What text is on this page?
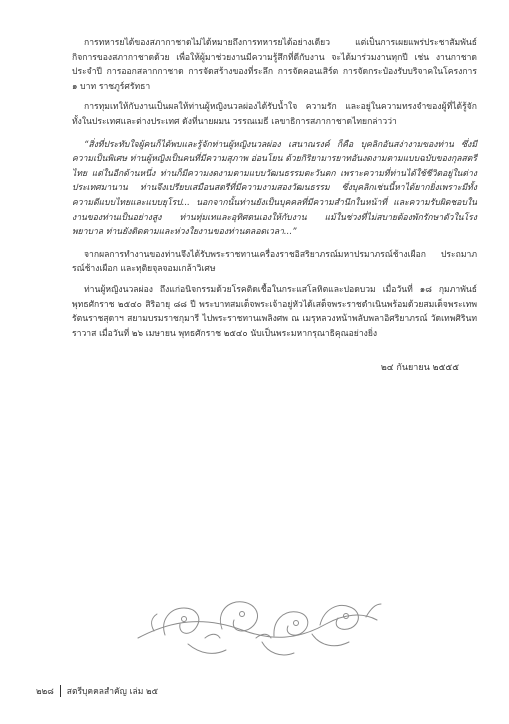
การทหารยได้ของสภากาชาดไม่ได้หมายถึงการทหารยได้อย่างเดียว แต่เป็นการเผยแพร่ประชาสัมพันธ์กิจการของสภากาชาดด้วย เพื่อให้ผู้มาช่วยงานมีความรู้สึกที่ดีกับงาน จะได้มาร่วมงานทุกปี เช่น งานกาชาดประจำปี การออกสลากกาชาด การจัดสร้างของที่ระลึก การจัดคอนเสิร์ต การจัดกระป๋องรับบริจาคในโครงการ ๑ บาท ราชภูร์ศรัทธา

การทุมเทให้กับงานเป็นผลให้ท่านผู้หญิงนวลผ่องได้รับน้ำใจ ความรัก และอยู่ในความทรงจำของผู้ที่ได้รู้จัก ทั้งในประเทศและต่างประเทศ ดังที่นายผมน วรรณเมธี เลขาธิการสภากาชาดไทยกล่าวว่า

“สิ่งที่ประทับใจผู้คนก็ได้พบและรู้จักท่านผู้หญิงนวลผ่อง เสนาณรงค์ ก็คือ บุคลิกอันสง่างามของท่าน ซึ่งมีความเป็นพิเศษ ท่านผู้หญิงเป็นคนที่มีความสุภาพ อ่อนโยน ด้วยกิริยามารยาทอันงดงามตามแบบฉบับของกุลสตรีไทย แต่ในอีกด้านหนึ่ง ท่านก็มีความงดงามตามแบบวัฒนธรรมตะวันตก เพราะความที่ท่านได้ใช้ชีวิตอยู่ในต่างประเทศมานาน ท่านจึงเปรียบเสมือนสตรีที่มีความงามสองวัฒนธรรม ซึ่งบุคลิกเช่นนี้หาได้ยากยิ่งเพราะมีทั้งความดีแบบไทยและแบบยุโรป... นอกจากนั้นท่านยังเป็นบุคคลที่มีความสำนึกในหน้าที่ และความรับผิดชอบในงานของท่านเป็นอย่างสูง ท่านทุ่มเทและอุทิศตนเองให้กับงาน แม้ในช่วงที่ไม่สบายต้องพักรักษาตัวในโรงพยาบาล ท่านยังติดตามและห่วงใยงานของท่านตลอดเวลา...”

จากผลการทำงานของท่านจึงได้รับพระราชทานเครื่องราชอิสริยาภรณ์มหาปรมาภรณ์ช้างเผือก ประถมาภรณ์ช้างเผือก และทุติยจุลจอมเกล้าวิเศษ

ท่านผู้หญิงนวลผ่อง ถึงแก่อนิจกรรมด้วยโรคติดเชื้อในกระแสโลหิตและปอดบวม เมื่อวันที่ ๑๘ กุมภาพันธ์ พุทธศักราช ๒๕๔๐ สิริอายุ ๘๘ ปี พระบาทสมเด็จพระเจ้าอยู่หัวได้เสด็จพระราชดำเนินพร้อมด้วยสมเด็จพระเทพรัตนราชสุดาฯ สยามบรมราชกุมารี ไปพระราชทานเพลิงศพ ณ เมรุหลวงหน้าพลับพลาอิศริยาภรณ์ วัดเทพศิรินทราวาส เมื่อวันที่ ๒๖ เมษายน พุทธศักราช ๒๕๔๐ นับเป็นพระมหากรุณาธิคุณอย่างยิ่ง

๒๔ กันยายน ๒๕๕๕
๒๒๘ สตรีบุคคลสำคัญ เล่ม ๒๕
